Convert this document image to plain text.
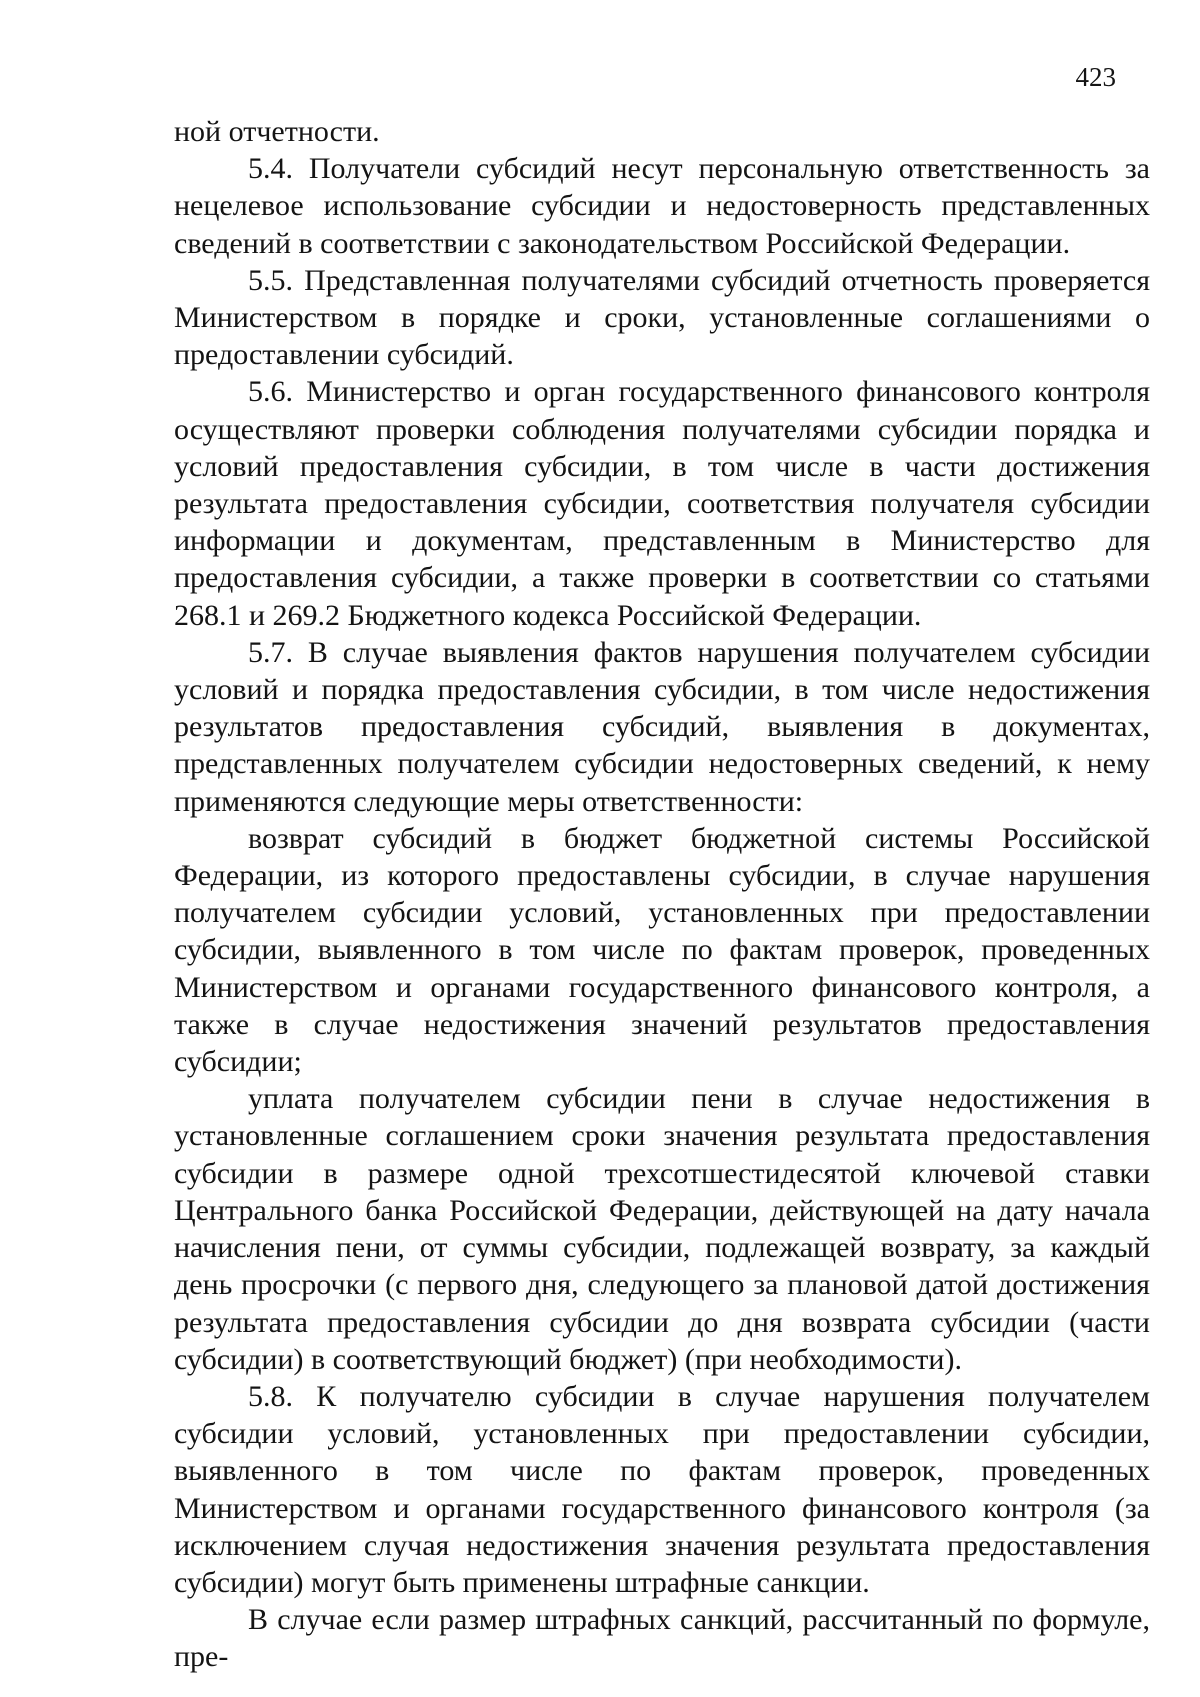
423

ной отчетности.

5.4. Получатели субсидий несут персональную ответственность за нецелевое использование субсидии и недостоверность представленных сведений в соответствии с законодательством Российской Федерации.

5.5. Представленная получателями субсидий отчетность проверяется Министерством в порядке и сроки, установленные соглашениями о предоставлении субсидий.

5.6. Министерство и орган государственного финансового контроля осуществляют проверки соблюдения получателями субсидии порядка и условий предоставления субсидии, в том числе в части достижения результата предоставления субсидии, соответствия получателя субсидии информации и документам, представленным в Министерство для предоставления субсидии, а также проверки в соответствии со статьями 268.1 и 269.2 Бюджетного кодекса Российской Федерации.

5.7. В случае выявления фактов нарушения получателем субсидии условий и порядка предоставления субсидии, в том числе недостижения результатов предоставления субсидий, выявления в документах, представленных получателем субсидии недостоверных сведений, к нему применяются следующие меры ответственности:

возврат субсидий в бюджет бюджетной системы Российской Федерации, из которого предоставлены субсидии, в случае нарушения получателем субсидии условий, установленных при предоставлении субсидии, выявленного в том числе по фактам проверок, проведенных Министерством и органами государственного финансового контроля, а также в случае недостижения значений результатов предоставления субсидии;

уплата получателем субсидии пени в случае недостижения в установленные соглашением сроки значения результата предоставления субсидии в размере одной трехсотшестидесятой ключевой ставки Центрального банка Российской Федерации, действующей на дату начала начисления пени, от суммы субсидии, подлежащей возврату, за каждый день просрочки (с первого дня, следующего за плановой датой достижения результата предоставления субсидии до дня возврата субсидии (части субсидии) в соответствующий бюджет) (при необходимости).

5.8. К получателю субсидии в случае нарушения получателем субсидии условий, установленных при предоставлении субсидии, выявленного в том числе по фактам проверок, проведенных Министерством и органами государственного финансового контроля (за исключением случая недостижения значения результата предоставления субсидии) могут быть применены штрафные санкции.

В случае если размер штрафных санкций, рассчитанный по формуле, пре-
